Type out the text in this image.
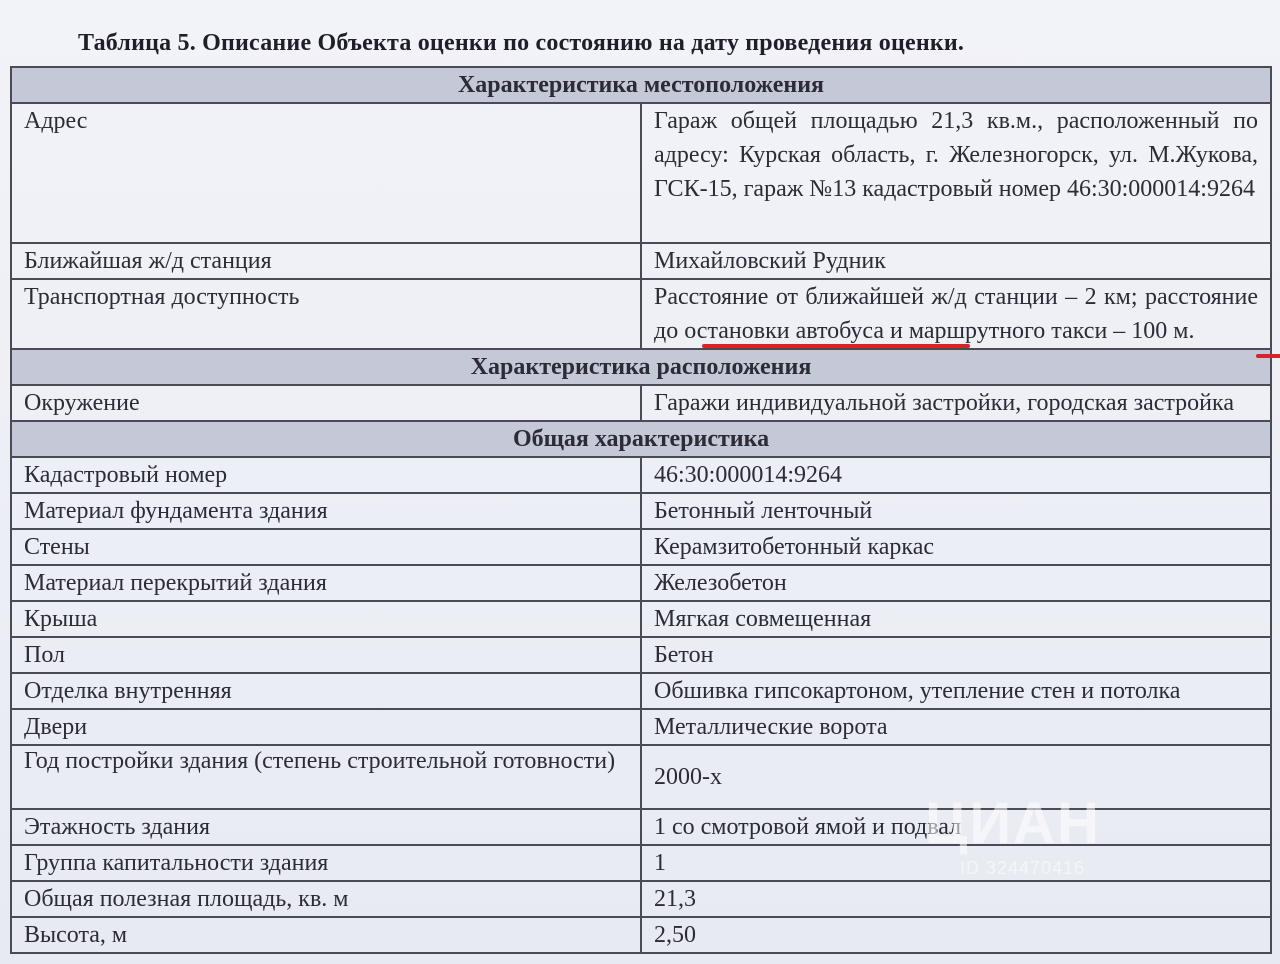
Таблица 5. Описание Объекта оценки по состоянию на дату проведения оценки.
Характеристика местоположения	
Адрес	Гараж общей площадью 21,3 кв.м., расположенный по адресу: Курская область, г. Железногорск, ул. М.Жукова, ГСК-15, гараж №13 кадастровый номер 46:30:000014:9264
Ближайшая ж/д станция	Михайловский Рудник
Транспортная доступность	Расстояние от ближайшей ж/д станции – 2 км; расстояние до остановки автобуса и маршрутного такси – 100 м.

Характеристика расположения	
Окружение	Гаражи индивидуальной застройки, городская застройка
Общая характеристика	
Кадастровый номер	46:30:000014:9264
Материал фундамента здания	Бетонный ленточный
Стены	Керамзитобетонный каркас
Материал перекрытий здания	Железобетон
Крыша	Мягкая совмещенная
Пол	Бетон
Отделка внутренняя	Обшивка гипсокартоном, утепление стен и потолка
Двери	Металлические ворота
Год постройки здания (степень строительной готовности)	2000-х
Этажность здания	1 со смотровой ямой и подвал
Группа капитальности здания	1
Общая полезная площадь, кв. м	21,3
Высота, м	2,50
ЦИАН
ID 324470416
